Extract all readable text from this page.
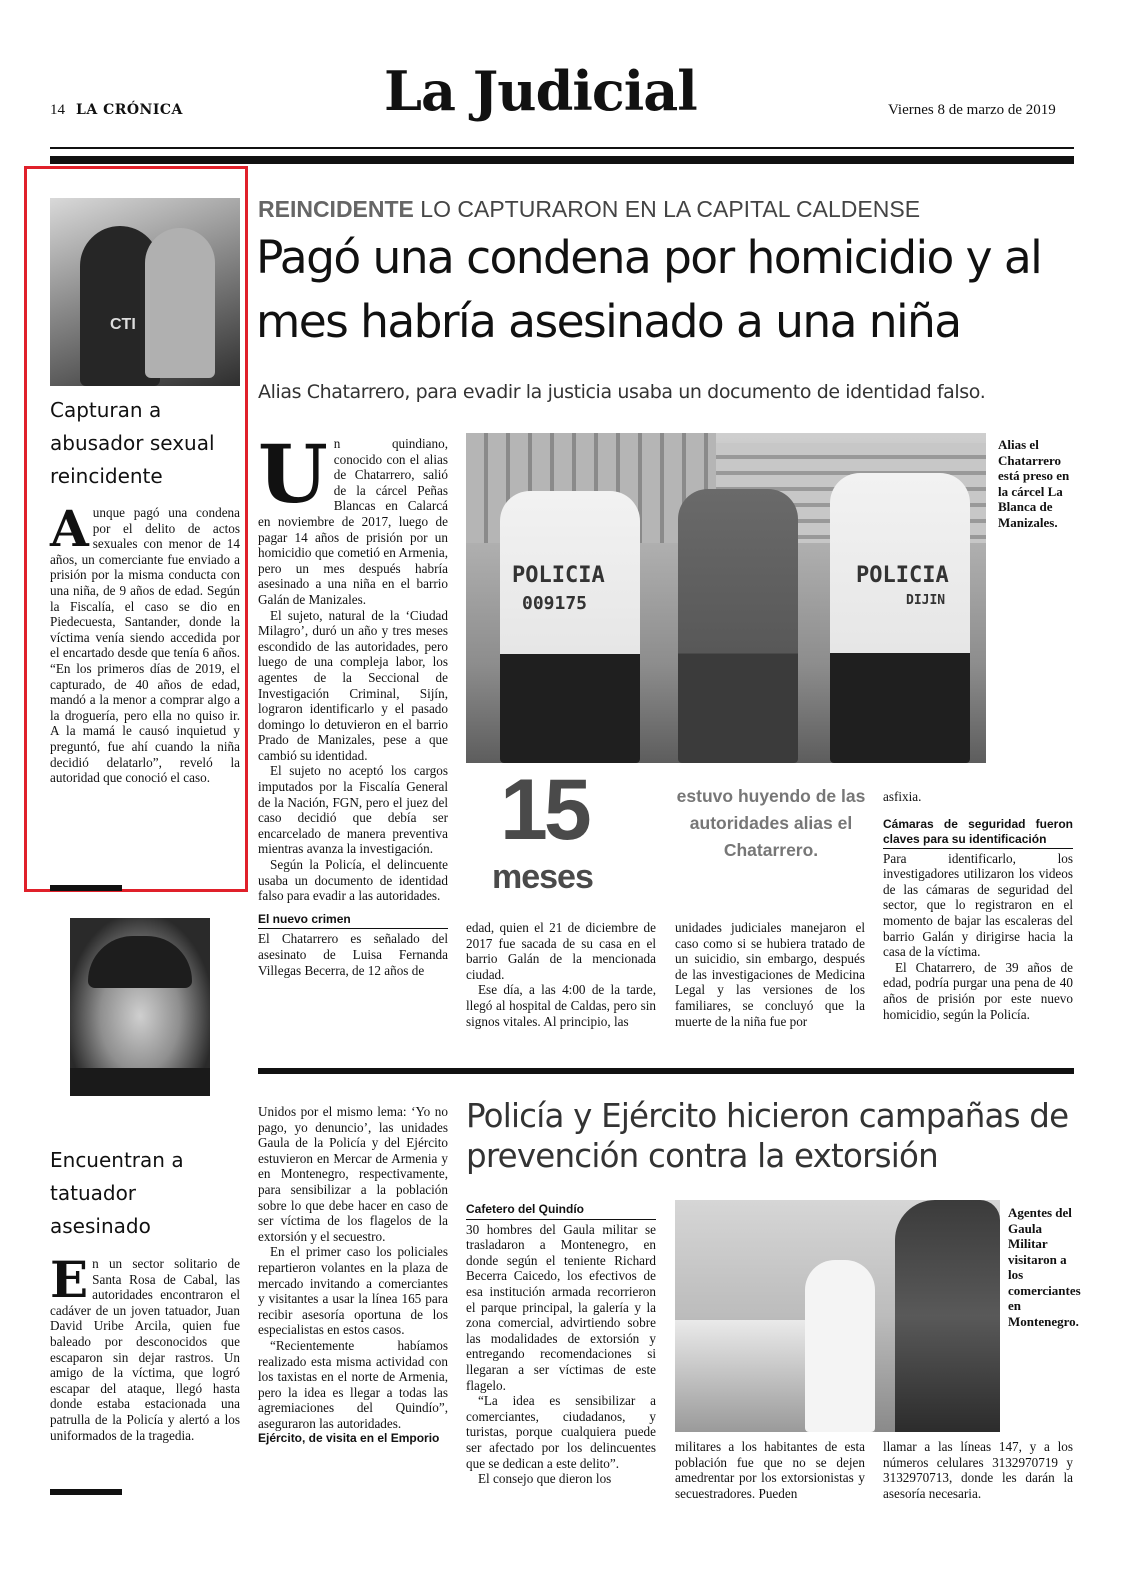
14 LA CRÓNICA	La Judicial	Viernes 8 de marzo de 2019
CTI
Capturan a abusador sexual reincidente
Aunque pagó una condena por el delito de actos sexuales con menor de 14 años, un comerciante fue enviado a prisión por la misma conducta con una niña, de 9 años de edad. Según la Fiscalía, el caso se dio en Piedecuesta, Santander, donde la víctima venía siendo accedida por el encartado desde que tenía 6 años. “En los primeros días de 2019, el capturado, de 40 años de edad, mandó a la menor a comprar algo a la droguería, pero ella no quiso ir. A la mamá le causó inquietud y preguntó, fue ahí cuando la niña decidió delatarlo”, reveló la autoridad que conoció el caso.
Encuentran a tatuador asesinado
En un sector solitario de Santa Rosa de Cabal, las autoridades encontraron el cadáver de un joven tatuador, Juan David Uribe Arcila, quien fue baleado por desconocidos que escaparon sin dejar rastros. Un amigo de la víctima, que logró escapar del ataque, llegó hasta donde estaba estacionada una patrulla de la Policía y alertó a los uniformados de la tragedia.
REINCIDENTE LO CAPTURARON EN LA CAPITAL CALDENSE
Pagó una condena por homicidio y al mes habría asesinado a una niña
Alias Chatarrero, para evadir la justicia usaba un documento de identidad falso.
Un quindiano, conocido con el alias de Chatarrero, salió de la cárcel Peñas Blancas en Calarcá en noviembre de 2017, luego de pagar 14 años de prisión por un homicidio que cometió en Armenia, pero un mes después habría asesinado a una niña en el barrio Galán de Manizales.
El sujeto, natural de la ‘Ciudad Milagro’, duró un año y tres meses escondido de las autoridades, pero luego de una compleja labor, los agentes de la Seccional de Investigación Criminal, Sijín, lograron identificarlo y el pasado domingo lo detuvieron en el barrio Prado de Manizales, pese a que cambió su identidad.
El sujeto no aceptó los cargos imputados por la Fiscalía General de la Nación, FGN, pero el juez del caso decidió que debía ser encarcelado de manera preventiva mientras avanza la investigación.
Según la Policía, el delincuente usaba un documento de identidad falso para evadir a las autoridades.
El nuevo crimen
El Chatarrero es señalado del asesinato de Luisa Fernanda Villegas Becerra, de 12 años de
POLICIA
009175
POLICIA
DIJIN
Alias el Chatarrero está preso en la cárcel La Blanca de Manizales.
15
meses
estuvo huyendo de las autoridades alias el Chatarrero.
edad, quien el 21 de diciembre de 2017 fue sacada de su casa en el barrio Galán de la mencionada ciudad.
Ese día, a las 4:00 de la tarde, llegó al hospital de Caldas, pero sin signos vitales. Al principio, las
unidades judiciales manejaron el caso como si se hubiera tratado de un suicidio, sin embargo, después de las investigaciones de Medicina Legal y las versiones de los familiares, se concluyó que la muerte de la niña fue por
asfixia.
Cámaras de seguridad fueron claves para su identificación
Para identificarlo, los investigadores utilizaron los videos de las cámaras de seguridad del sector, que lo registraron en el momento de bajar las escaleras del barrio Galán y dirigirse hacia la casa de la víctima.
El Chatarrero, de 39 años de edad, podría purgar una pena de 40 años de prisión por este nuevo homicidio, según la Policía.
Unidos por el mismo lema: ‘Yo no pago, yo denuncio’, las unidades Gaula de la Policía y del Ejército estuvieron en Mercar de Armenia y en Montenegro, respectivamente, para sensibilizar a la población sobre lo que debe hacer en caso de ser víctima de los flagelos de la extorsión y el secuestro.
En el primer caso los policiales repartieron volantes en la plaza de mercado invitando a comerciantes y visitantes a usar la línea 165 para recibir asesoría oportuna de los especialistas en estos casos.
“Recientemente habíamos realizado esta misma actividad con los taxistas en el norte de Armenia, pero la idea es llegar a todas las agremiaciones del Quindío”, aseguraron las autoridades.
Ejército, de visita en el Emporio
Policía y Ejército hicieron campañas de prevención contra la extorsión
Cafetero del Quindío
30 hombres del Gaula militar se trasladaron a Montenegro, en donde según el teniente Richard Becerra Caicedo, los efectivos de esa institución armada recorrieron el parque principal, la galería y la zona comercial, advirtiendo sobre las modalidades de extorsión y entregando recomendaciones si llegaran a ser víctimas de este flagelo.
“La idea es sensibilizar a comerciantes, ciudadanos, y turistas, porque cualquiera puede ser afectado por los delincuentes que se dedican a este delito”.
El consejo que dieron los
Agentes del Gaula Militar visitaron a los comerciantes en Montenegro.
militares a los habitantes de esta población fue que no se dejen amedrentar por los extorsionistas y secuestradores. Pueden
llamar a las líneas 147, y a los números celulares 3132970719 y 3132970713, donde les darán la asesoría necesaria.
